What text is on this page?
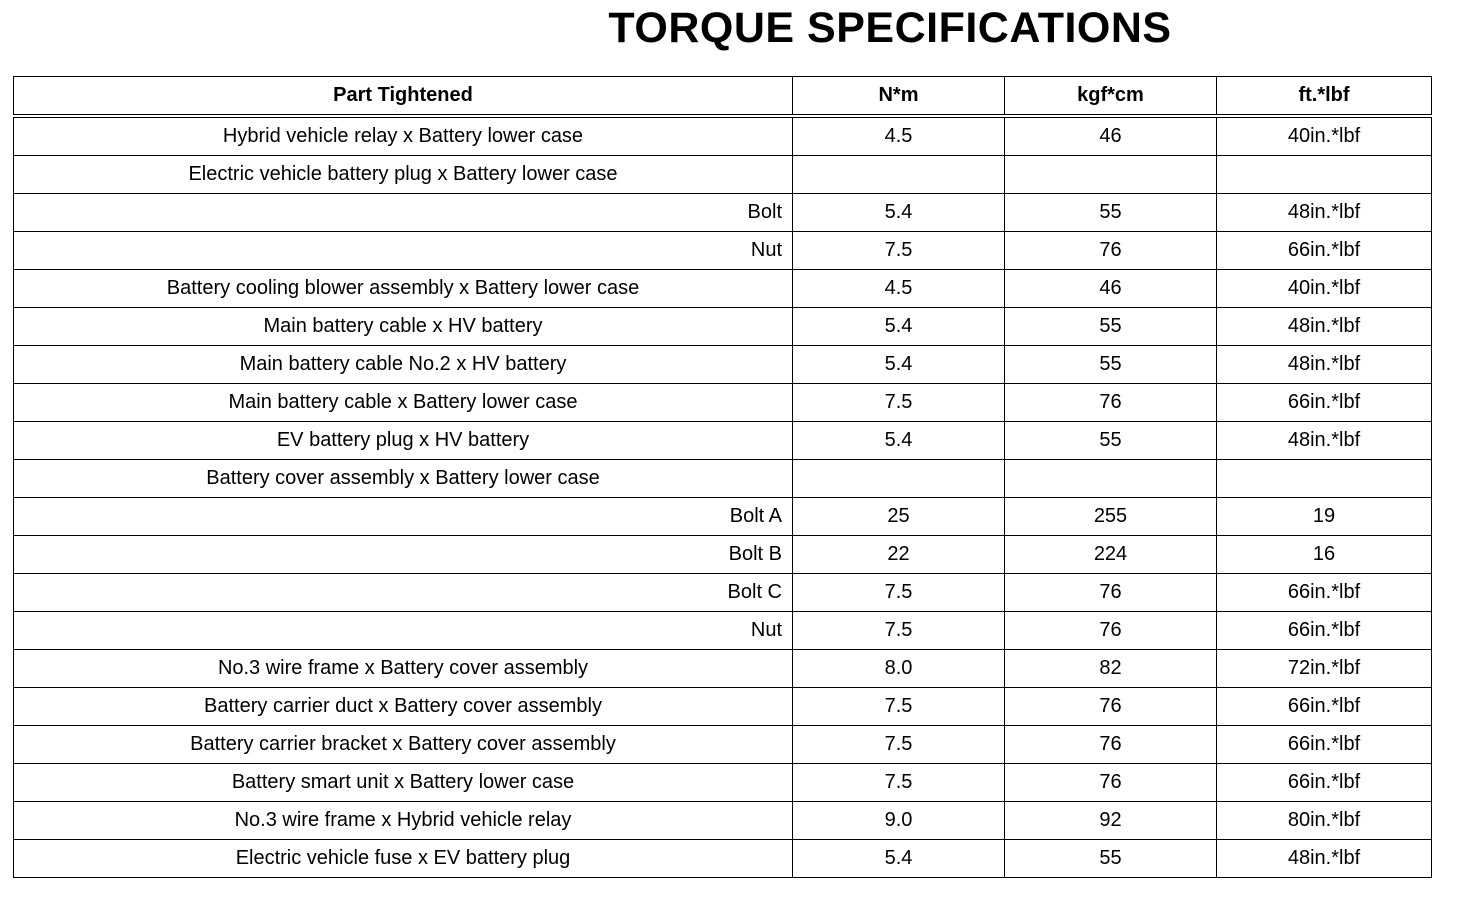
TORQUE SPECIFICATIONS
Part Tightened	N*m	kgf*cm	ft.*lbf
Hybrid vehicle relay x Battery lower case	4.5	46	40in.*lbf
Electric vehicle battery plug x Battery lower case			
Bolt	5.4	55	48in.*lbf
Nut	7.5	76	66in.*lbf
Battery cooling blower assembly x Battery lower case	4.5	46	40in.*lbf
Main battery cable x HV battery	5.4	55	48in.*lbf
Main battery cable No.2 x HV battery	5.4	55	48in.*lbf
Main battery cable x Battery lower case	7.5	76	66in.*lbf
EV battery plug x HV battery	5.4	55	48in.*lbf
Battery cover assembly x Battery lower case			
Bolt A	25	255	19
Bolt B	22	224	16
Bolt C	7.5	76	66in.*lbf
Nut	7.5	76	66in.*lbf
No.3 wire frame x Battery cover assembly	8.0	82	72in.*lbf
Battery carrier duct x Battery cover assembly	7.5	76	66in.*lbf
Battery carrier bracket x Battery cover assembly	7.5	76	66in.*lbf
Battery smart unit x Battery lower case	7.5	76	66in.*lbf
No.3 wire frame x Hybrid vehicle relay	9.0	92	80in.*lbf
Electric vehicle fuse x EV battery plug	5.4	55	48in.*lbf
